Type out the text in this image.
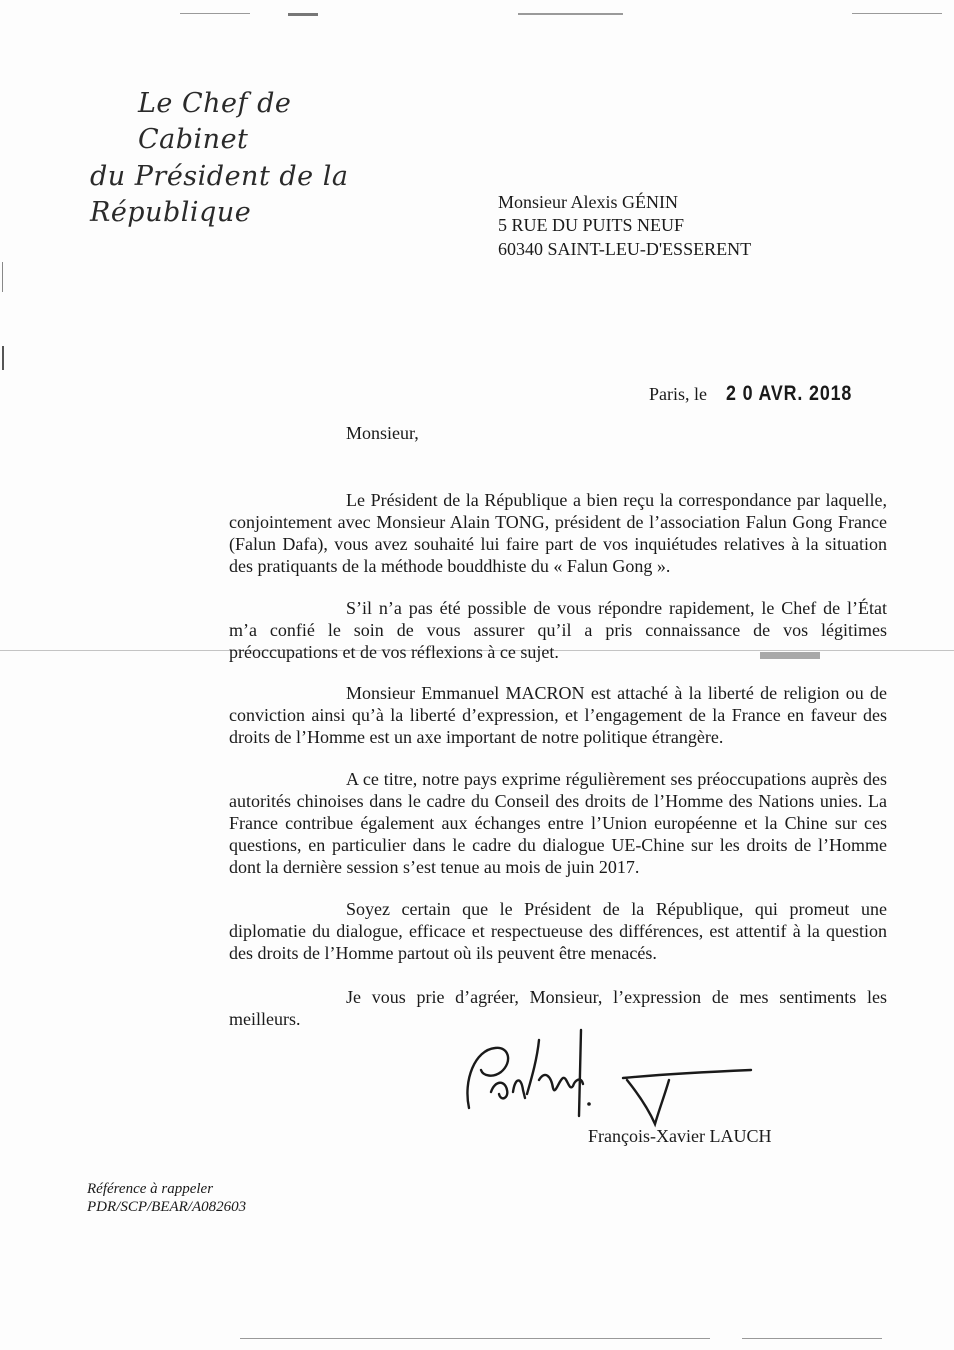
Le Chef de Cabinet
du Président de la République	Monsieur Alexis GÉNIN
5 RUE DU PUITS NEUF
60340 SAINT-LEU-D'ESSERENT
Paris, le 2 0 AVR. 2018
Monsieur,
Le Président de la République a bien reçu la correspondance par laquelle, conjointement avec Monsieur Alain TONG, président de l’association Falun Gong France (Falun Dafa), vous avez souhaité lui faire part de vos inquiétudes relatives à la situation des pratiquants de la méthode bouddhiste du « Falun Gong ».
S’il n’a pas été possible de vous répondre rapidement, le Chef de l’État m’a confié le soin de vous assurer qu’il a pris connaissance de vos légitimes préoccupations et de vos réflexions à ce sujet.
Monsieur Emmanuel MACRON est attaché à la liberté de religion ou de conviction ainsi qu’à la liberté d’expression, et l’engagement de la France en faveur des droits de l’Homme est un axe important de notre politique étrangère.
A ce titre, notre pays exprime régulièrement ses préoccupations auprès des autorités chinoises dans le cadre du Conseil des droits de l’Homme des Nations unies. La France contribue également aux échanges entre l’Union européenne et la Chine sur ces questions, en particulier dans le cadre du dialogue UE-Chine sur les droits de l’Homme dont la dernière session s’est tenue au mois de juin 2017.
Soyez certain que le Président de la République, qui promeut une diplomatie du dialogue, efficace et respectueuse des différences, est attentif à la question des droits de l’Homme partout où ils peuvent être menacés.
Je vous prie d’agréer, Monsieur, l’expression de mes sentiments les meilleurs.
François-Xavier LAUCH
Référence à rappeler
PDR/SCP/BEAR/A082603
